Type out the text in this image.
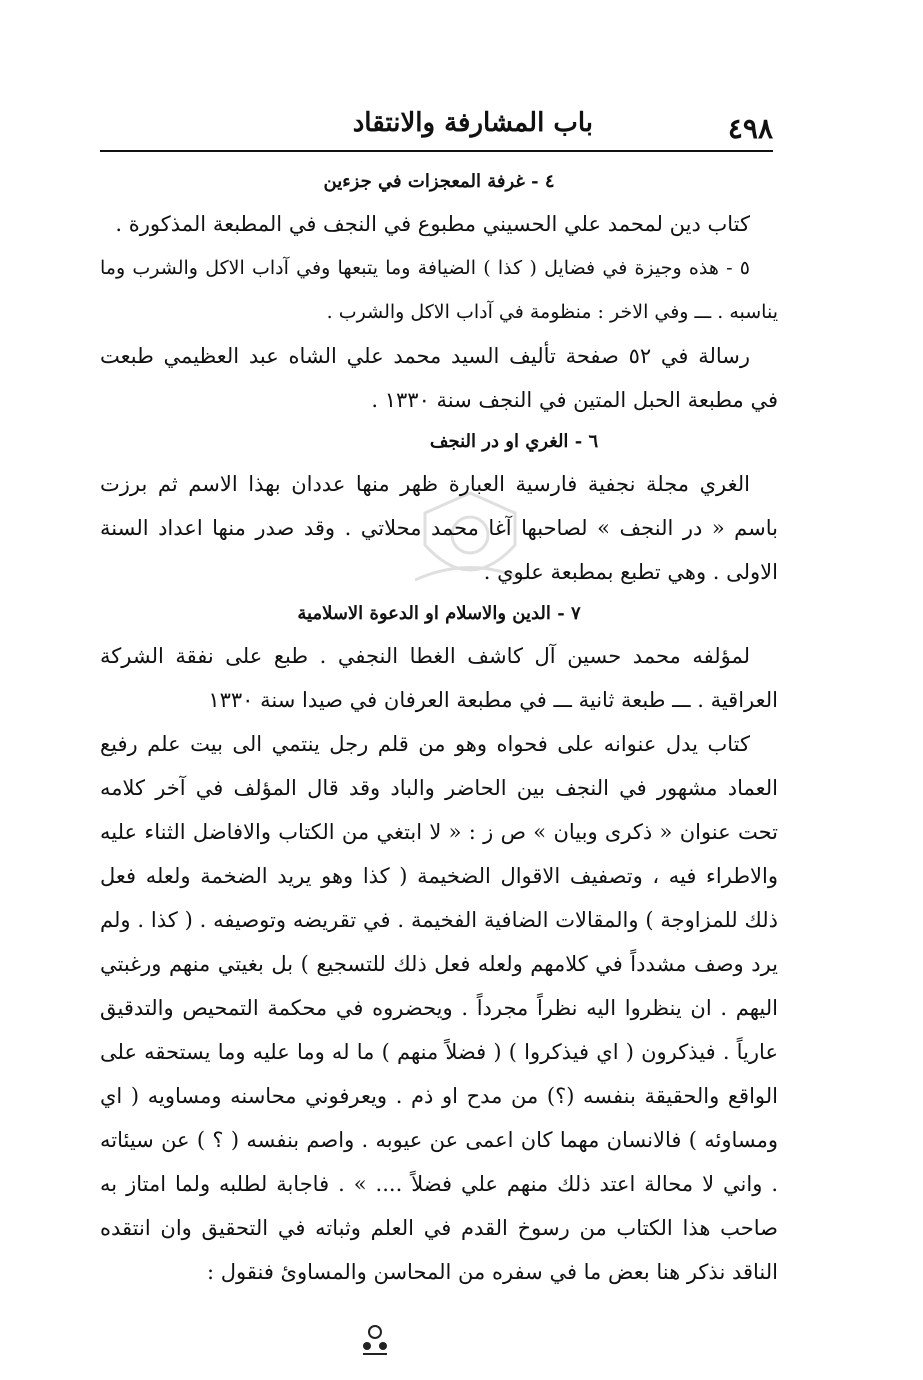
٤٩٨
باب المشارفة والانتقاد
٤ - غرفة المعجزات في جزءين

كتاب دين لمحمد علي الحسيني مطبوع في النجف في المطبعة المذكورة .

٥ - هذه وجيزة في فضايل ( كذا ) الضيافة وما يتبعها وفي آداب الاكل والشرب وما يناسبه . ـــ وفي الاخر : منظومة في آداب الاكل والشرب .

رسالة في ٥٢ صفحة تأليف السيد محمد علي الشاه عبد العظيمي طبعت في مطبعة الحبل المتين في النجف سنة ١٣٣٠ .

٦ - الغري او در النجف

الغري مجلة نجفية فارسية العبارة ظهر منها عددان بهذا الاسم ثم برزت باسم « در النجف » لصاحبها آغا محمد محلاتي . وقد صدر منها اعداد السنة الاولى . وهي تطبع بمطبعة علوي .

٧ - الدين والاسلام او الدعوة الاسلامية

لمؤلفه محمد حسين آل كاشف الغطا النجفي . طبع على نفقة الشركة العراقية . ـــ طبعة ثانية ـــ في مطبعة العرفان في صيدا سنة ١٣٣٠

كتاب يدل عنوانه على فحواه وهو من قلم رجل ينتمي الى بيت علم رفيع العماد مشهور في النجف بين الحاضر والباد وقد قال المؤلف في آخر كلامه تحت عنوان « ذكرى وبيان » ص ز : « لا ابتغي من الكتاب والافاضل الثناء عليه والاطراء فيه ، وتصفيف الاقوال الضخيمة ( كذا وهو يريد الضخمة ولعله فعل ذلك للمزاوجة ) والمقالات الضافية الفخيمة . في تقريضه وتوصيفه . ( كذا . ولم يرد وصف مشدداً في كلامهم ولعله فعل ذلك للتسجيع ) بل بغيتي منهم ورغبتي اليهم . ان ينظروا اليه نظراً مجرداً . ويحضروه في محكمة التمحيص والتدقيق عارياً . فيذكرون ( اي فيذكروا ) ( فضلاً منهم ) ما له وما عليه وما يستحقه على الواقع والحقيقة بنفسه (؟) من مدح او ذم . ويعرفوني محاسنه ومساويه ( اي ومساوئه ) فالانسان مهما كان اعمى عن عيوبه . واصم بنفسه ( ؟ ) عن سيئاته . واني لا محالة اعتد ذلك منهم علي فضلاً .... » . فاجابة لطلبه ولما امتاز به صاحب هذا الكتاب من رسوخ القدم في العلم وثباته في التحقيق وان انتقده الناقد نذكر هنا بعض ما في سفره من المحاسن والمساوئ فنقول :
